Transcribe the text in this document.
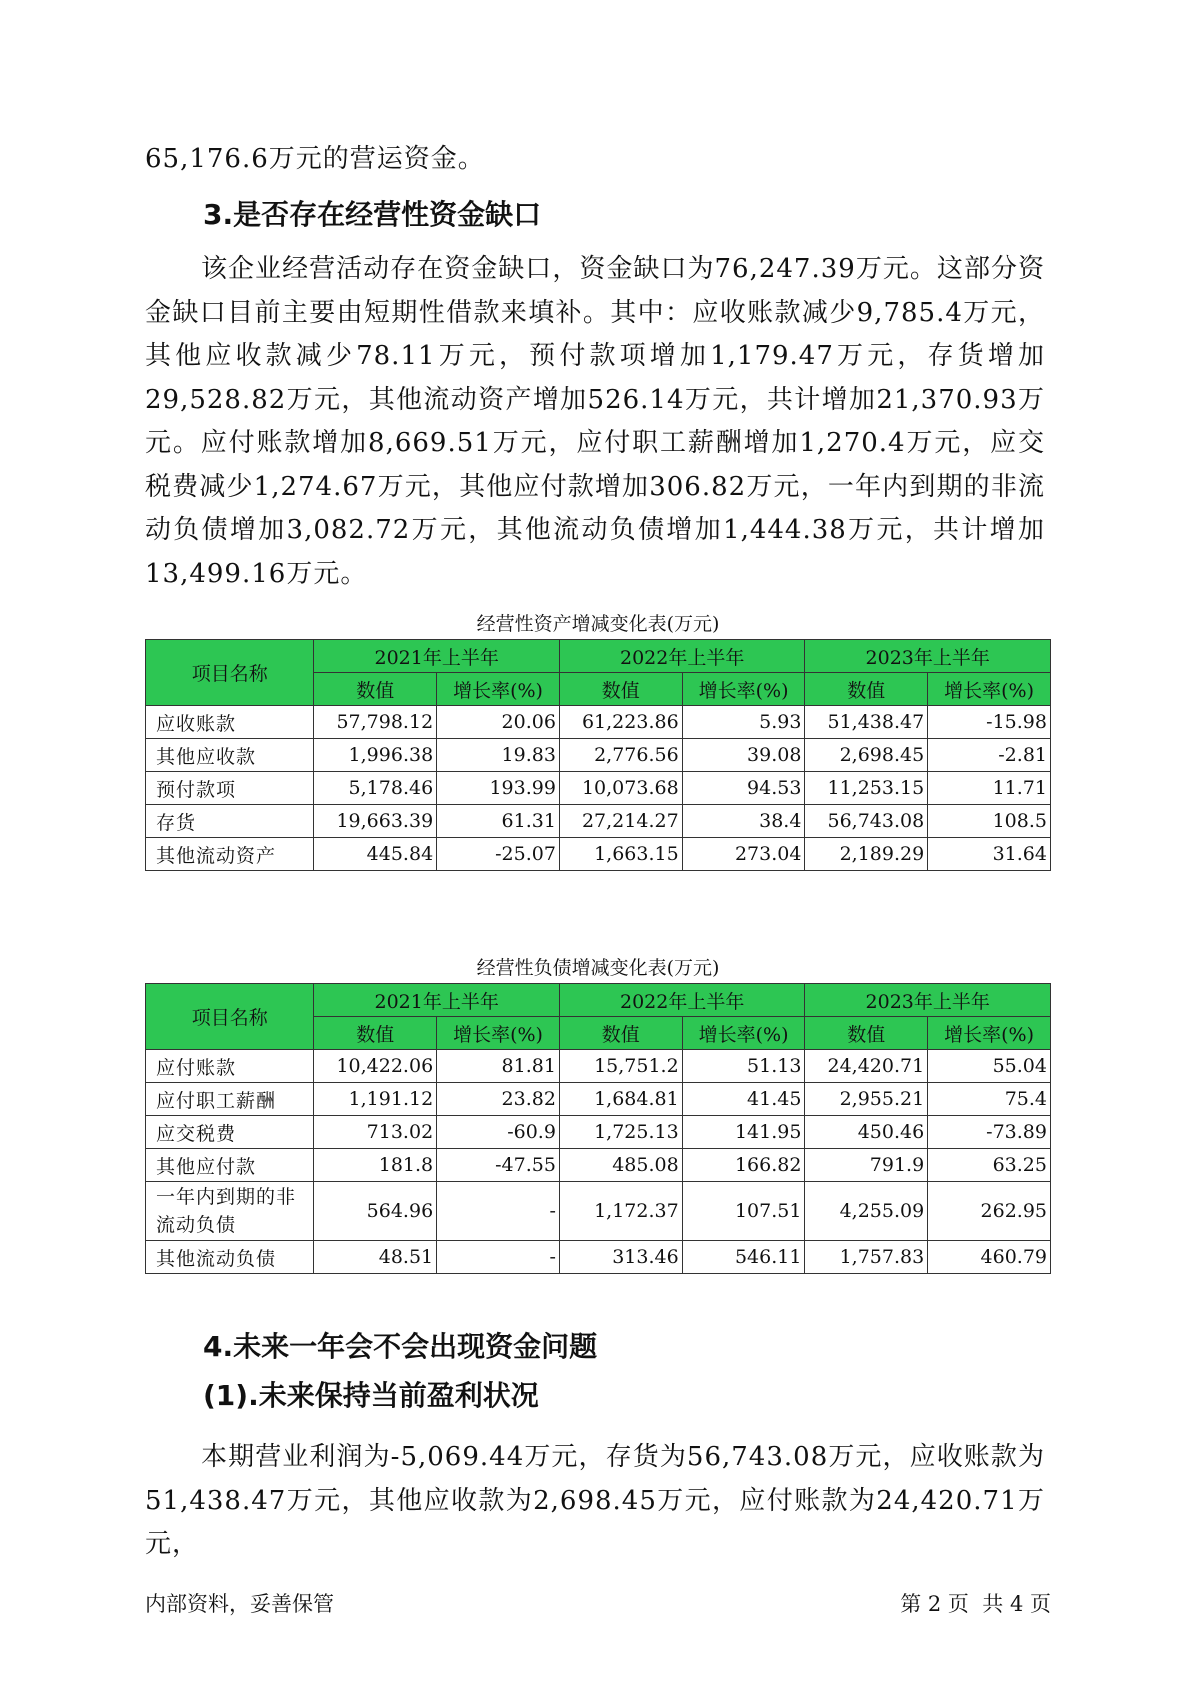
65,176.6万元的营运资金。
3.是否存在经营性资金缺口
该企业经营活动存在资金缺口，资金缺口为76,247.39万元。这部分资金缺口目前主要由短期性借款来填补。其中：应收账款减少9,785.4万元，其他应收款减少78.11万元，预付款项增加1,179.47万元，存货增加29,528.82万元，其他流动资产增加526.14万元，共计增加21,370.93万元。应付账款增加8,669.51万元，应付职工薪酬增加1,270.4万元，应交税费减少1,274.67万元，其他应付款增加306.82万元，一年内到期的非流动负债增加3,082.72万元，其他流动负债增加1,444.38万元，共计增加13,499.16万元。
经营性资产增减变化表(万元)
项目名称	2021年上半年		2022年上半年		2023年上半年	
	数值	增长率(%)	数值	增长率(%)	数值	增长率(%)
应收账款	57,798.12	20.06	61,223.86	5.93	51,438.47	-15.98
其他应收款	1,996.38	19.83	2,776.56	39.08	2,698.45	-2.81
预付款项	5,178.46	193.99	10,073.68	94.53	11,253.15	11.71
存货	19,663.39	61.31	27,214.27	38.4	56,743.08	108.5
其他流动资产	445.84	-25.07	1,663.15	273.04	2,189.29	31.64
经营性负债增减变化表(万元)
项目名称	2021年上半年		2022年上半年		2023年上半年	
	数值	增长率(%)	数值	增长率(%)	数值	增长率(%)
应付账款	10,422.06	81.81	15,751.2	51.13	24,420.71	55.04
应付职工薪酬	1,191.12	23.82	1,684.81	41.45	2,955.21	75.4
应交税费	713.02	-60.9	1,725.13	141.95	450.46	-73.89
其他应付款	181.8	-47.55	485.08	166.82	791.9	63.25
一年内到期的非流动负债	564.96	-	1,172.37	107.51	4,255.09	262.95
其他流动负债	48.51	-	313.46	546.11	1,757.83	460.79
4.未来一年会不会出现资金问题
(1).未来保持当前盈利状况
本期营业利润为-5,069.44万元，存货为56,743.08万元，应收账款为51,438.47万元，其他应收款为2,698.45万元，应付账款为24,420.71万元，
内部资料，妥善保管	第 2 页  共 4 页
